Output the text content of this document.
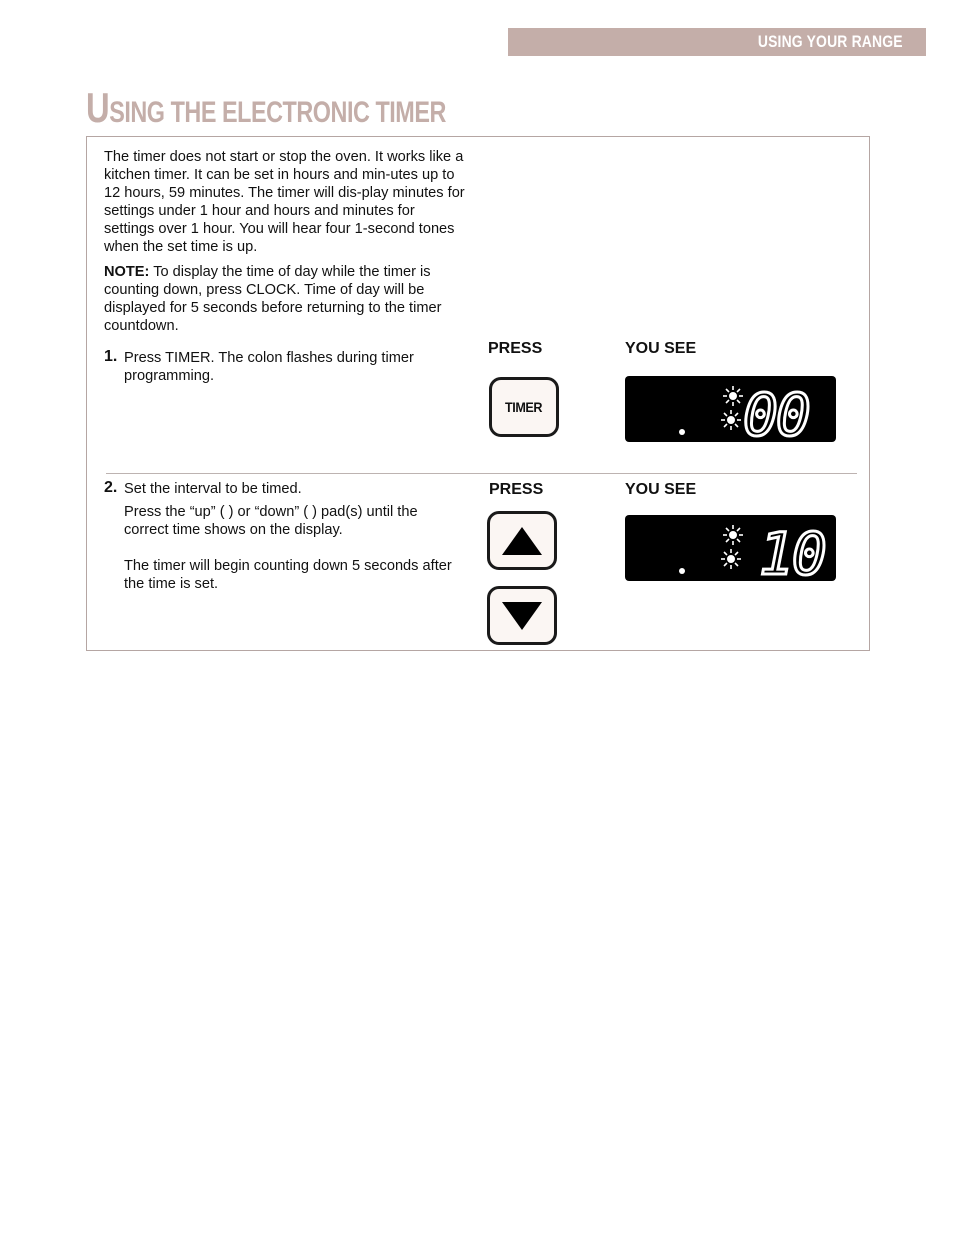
USING YOUR RANGE
USING THE ELECTRONIC TIMER

The timer does not start or stop the oven. It works like a kitchen timer. It can be set in hours and min-utes up to 12 hours, 59 minutes. The timer will dis-play minutes for settings under 1 hour and hours and minutes for settings over 1 hour. You will hear four 1-second tones when the set time is up.

NOTE: To display the time of day while the timer is counting down, press CLOCK. Time of day will be displayed for 5 seconds before returning to the timer countdown.

1. Press TIMER. The colon flashes during timer programming.

PRESS	YOU SEE
TIMER	00
2. Set the interval to be timed.

Press the “up” ( ) or “down” ( ) pad(s) until the correct time shows on the display.

The timer will begin counting down 5 seconds after the time is set.

PRESS	YOU SEE
10
